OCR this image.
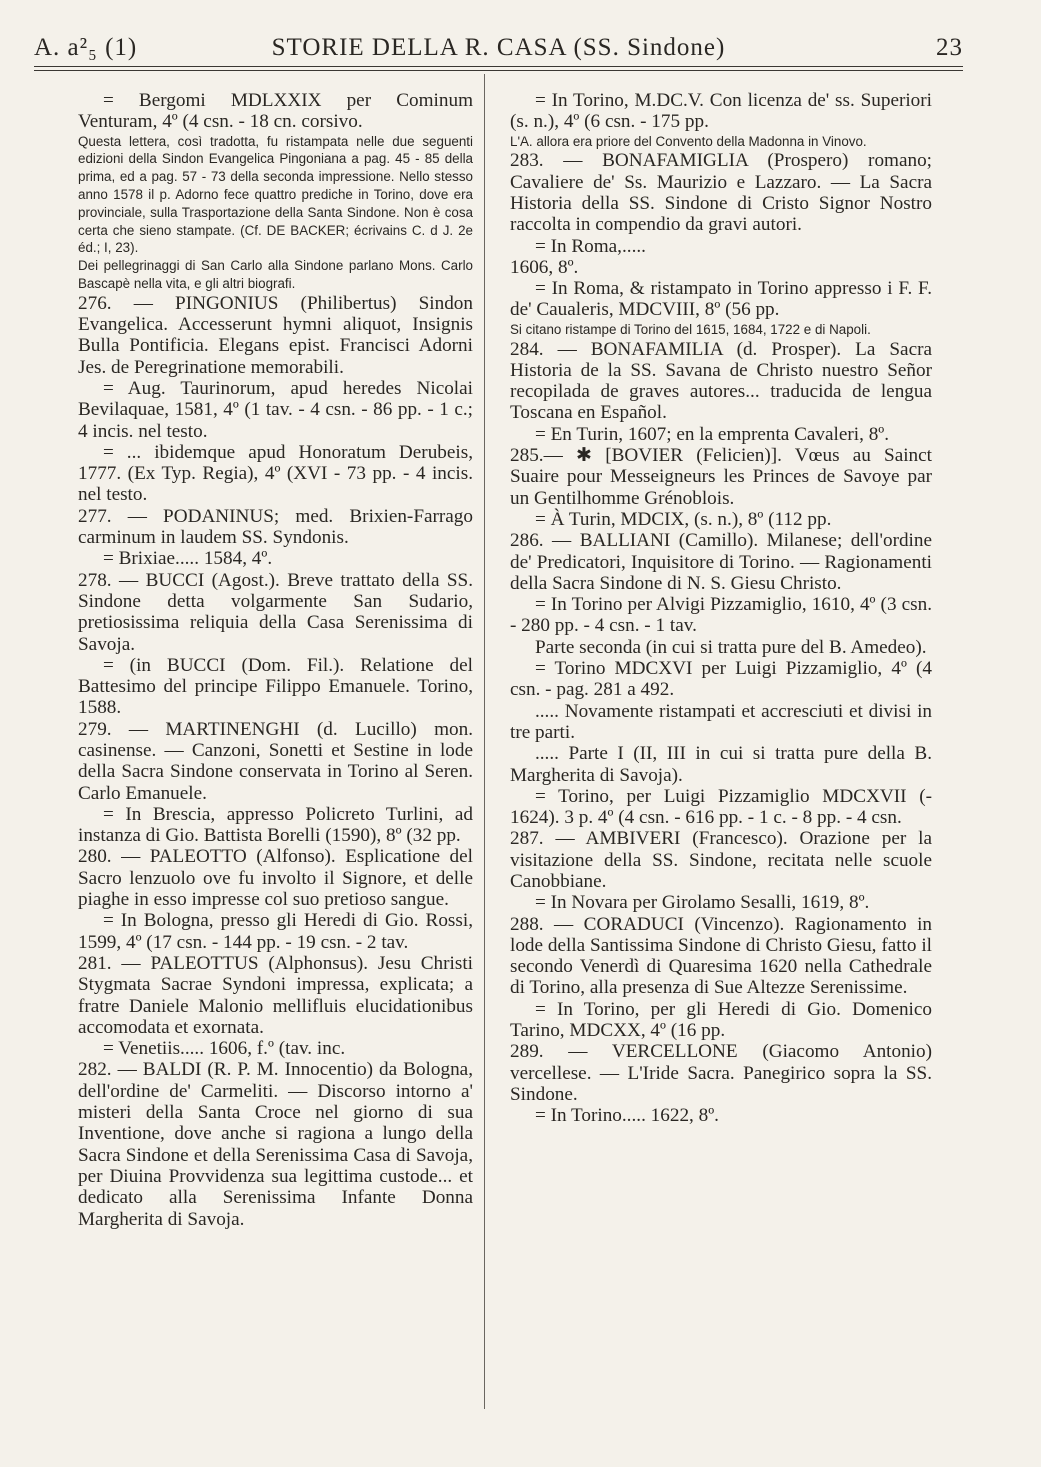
A. a²₅ (1)	STORIE DELLA R. CASA (SS. Sindone)	23

= Bergomi MDLXXIX per Cominum Venturam, 4º (4 csn. - 18 cn. corsivo.

Questa lettera, così tradotta, fu ristampata nelle due seguenti edizioni della Sindon Evangelica Pingoniana a pag. 45 - 85 della prima, ed a pag. 57 - 73 della seconda impressione. Nello stesso anno 1578 il p. Adorno fece quattro prediche in Torino, dove era provinciale, sulla Trasportazione della Santa Sindone. Non è cosa certa che sieno stampate. (Cf. DE BACKER; écrivains C. d J. 2e éd.; I, 23).

Dei pellegrinaggi di San Carlo alla Sindone parlano Mons. Carlo Bascapè nella vita, e gli altri biografi.

276. — PINGONIUS (Philibertus) Sindon Evangelica. Accesserunt hymni aliquot, Insignis Bulla Pontificia. Elegans epist. Francisci Adorni Jes. de Peregrinatione memorabili.

= Aug. Taurinorum, apud heredes Nicolai Bevilaquae, 1581, 4º (1 tav. - 4 csn. - 86 pp. - 1 c.; 4 incis. nel testo.

= ... ibidemque apud Honoratum Derubeis, 1777. (Ex Typ. Regia), 4º (XVI - 73 pp. - 4 incis. nel testo.

277. — PODANINUS; med. Brixien-Farrago carminum in laudem SS. Syndonis.

= Brixiae..... 1584, 4º.

278. — BUCCI (Agost.). Breve trattato della SS. Sindone detta volgarmente San Sudario, pretiosissima reliquia della Casa Serenissima di Savoja.

= (in BUCCI (Dom. Fil.). Relatione del Battesimo del principe Filippo Emanuele. Torino, 1588.

279. — MARTINENGHI (d. Lucillo) mon. casinense. — Canzoni, Sonetti et Sestine in lode della Sacra Sindone conservata in Torino al Seren. Carlo Emanuele.

= In Brescia, appresso Policreto Turlini, ad instanza di Gio. Battista Borelli (1590), 8º (32 pp.

280. — PALEOTTO (Alfonso). Esplicatione del Sacro lenzuolo ove fu involto il Signore, et delle piaghe in esso impresse col suo pretioso sangue.

= In Bologna, presso gli Heredi di Gio. Rossi, 1599, 4º (17 csn. - 144 pp. - 19 csn. - 2 tav.

281. — PALEOTTUS (Alphonsus). Jesu Christi Stygmata Sacrae Syndoni impressa, explicata; a fratre Daniele Malonio mellifluis elucidationibus accomodata et exornata.

= Venetiis..... 1606, f.º (tav. inc.

282. — BALDI (R. P. M. Innocentio) da Bologna, dell'ordine de' Carmeliti. — Discorso intorno a' misteri della Santa Croce nel giorno di sua Inventione, dove anche si ragiona a lungo della Sacra Sindone et della Serenissima Casa di Savoja, per Diuina Provvidenza sua legittima custode... et dedicato alla Serenissima Infante Donna Margherita di Savoja.

= In Torino, M.DC.V. Con licenza de' ss. Superiori (s. n.), 4º (6 csn. - 175 pp.

L'A. allora era priore del Convento della Madonna in Vinovo.

283. — BONAFAMIGLIA (Prospero) romano; Cavaliere de' Ss. Maurizio e Lazzaro. — La Sacra Historia della SS. Sindone di Cristo Signor Nostro raccolta in compendio da gravi autori.

= In Roma,.....

1606, 8º.

= In Roma, & ristampato in Torino appresso i F. F. de' Caualeris, MDCVIII, 8º (56 pp.

Si citano ristampe di Torino del 1615, 1684, 1722 e di Napoli.

284. — BONAFAMILIA (d. Prosper). La Sacra Historia de la SS. Savana de Christo nuestro Señor recopilada de graves autores... traducida de lengua Toscana en Español.

= En Turin, 1607; en la emprenta Cavaleri, 8º.

285.— ✱ [BOVIER (Felicien)]. Vœus au Sainct Suaire pour Messeigneurs les Princes de Savoye par un Gentilhomme Grénoblois.

= À Turin, MDCIX, (s. n.), 8º (112 pp.

286. — BALLIANI (Camillo). Milanese; dell'ordine de' Predicatori, Inquisitore di Torino. — Ragionamenti della Sacra Sindone di N. S. Giesu Christo.

= In Torino per Alvigi Pizzamiglio, 1610, 4º (3 csn. - 280 pp. - 4 csn. - 1 tav.

Parte seconda (in cui si tratta pure del B. Amedeo).

= Torino MDCXVI per Luigi Pizzamiglio, 4º (4 csn. - pag. 281 a 492.

..... Novamente ristampati et accresciuti et divisi in tre parti.

..... Parte I (II, III in cui si tratta pure della B. Margherita di Savoja).

= Torino, per Luigi Pizzamiglio MDCXVII (- 1624). 3 p. 4º (4 csn. - 616 pp. - 1 c. - 8 pp. - 4 csn.

287. — AMBIVERI (Francesco). Orazione per la visitazione della SS. Sindone, recitata nelle scuole Canobbiane.

= In Novara per Girolamo Sesalli, 1619, 8º.

288. — CORADUCI (Vincenzo). Ragionamento in lode della Santissima Sindone di Christo Giesu, fatto il secondo Venerdì di Quaresima 1620 nella Cathedrale di Torino, alla presenza di Sue Altezze Serenissime.

= In Torino, per gli Heredi di Gio. Domenico Tarino, MDCXX, 4º (16 pp.

289. — VERCELLONE (Giacomo Antonio) vercellese. — L'Iride Sacra. Panegirico sopra la SS. Sindone.

= In Torino..... 1622, 8º.
